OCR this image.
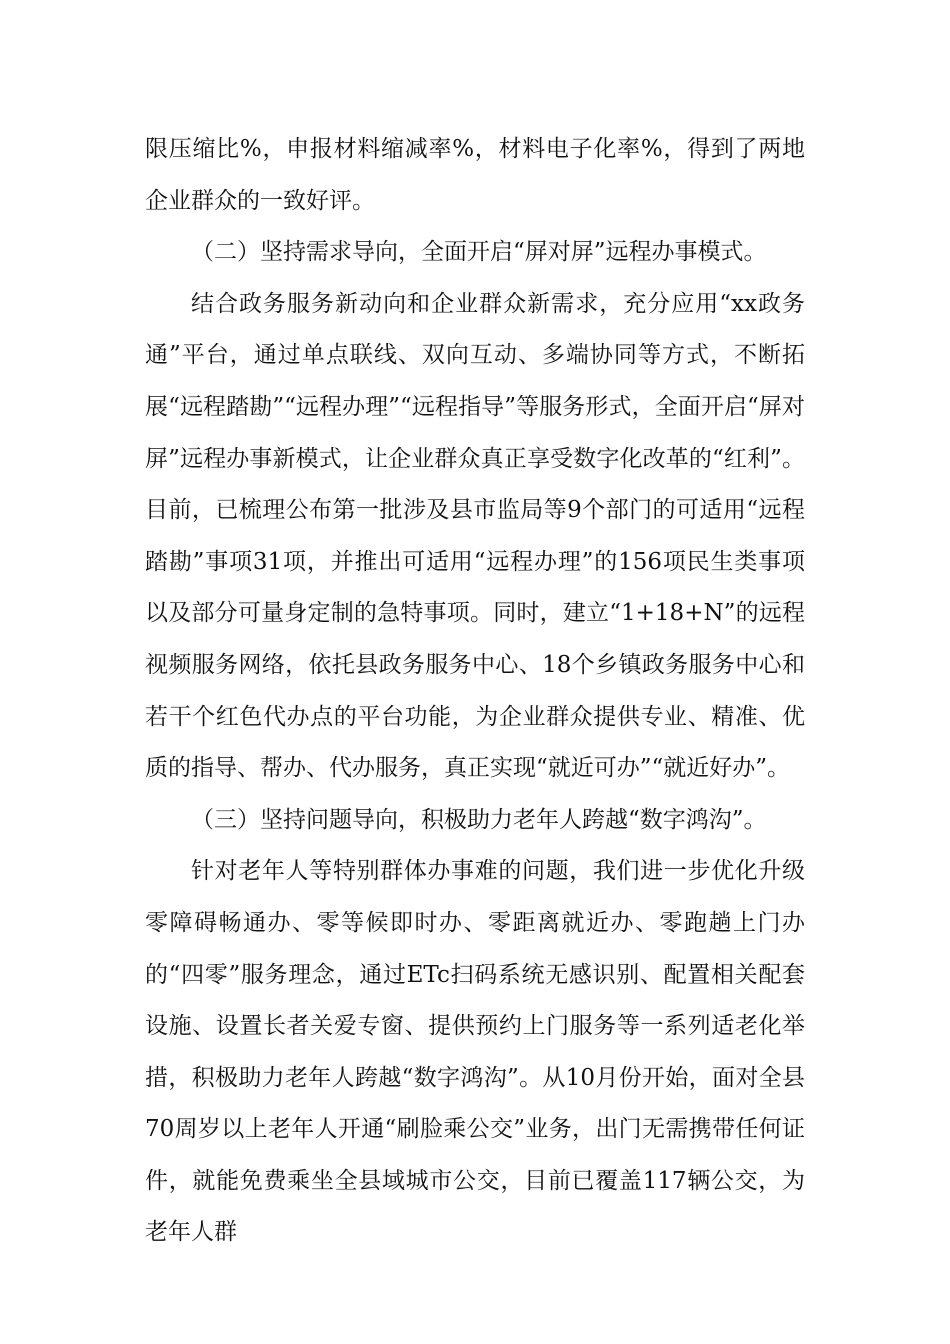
限压缩比%，申报材料缩减率%，材料电子化率%，得到了两地企业群众的一致好评。

（二）坚持需求导向，全面开启“屏对屏”远程办事模式。

结合政务服务新动向和企业群众新需求，充分应用“xx政务通”平台，通过单点联线、双向互动、多端协同等方式，不断拓展“远程踏勘”“远程办理”“远程指导”等服务形式，全面开启“屏对屏”远程办事新模式，让企业群众真正享受数字化改革的“红利”。目前，已梳理公布第一批涉及县市监局等9个部门的可适用“远程踏勘”事项31项，并推出可适用“远程办理”的156项民生类事项以及部分可量身定制的急特事项。同时，建立“1+18+N”的远程视频服务网络，依托县政务服务中心、18个乡镇政务服务中心和若干个红色代办点的平台功能，为企业群众提供专业、精准、优质的指导、帮办、代办服务，真正实现“就近可办”“就近好办”。

（三）坚持问题导向，积极助力老年人跨越“数字鸿沟”。

针对老年人等特别群体办事难的问题，我们进一步优化升级零障碍畅通办、零等候即时办、零距离就近办、零跑趟上门办的“四零”服务理念，通过ETc扫码系统无感识别、配置相关配套设施、设置长者关爱专窗、提供预约上门服务等一系列适老化举措，积极助力老年人跨越“数字鸿沟”。从10月份开始，面对全县70周岁以上老年人开通“刷脸乘公交”业务，出门无需携带任何证件，就能免费乘坐全县域城市公交，目前已覆盖117辆公交，为老年人群
